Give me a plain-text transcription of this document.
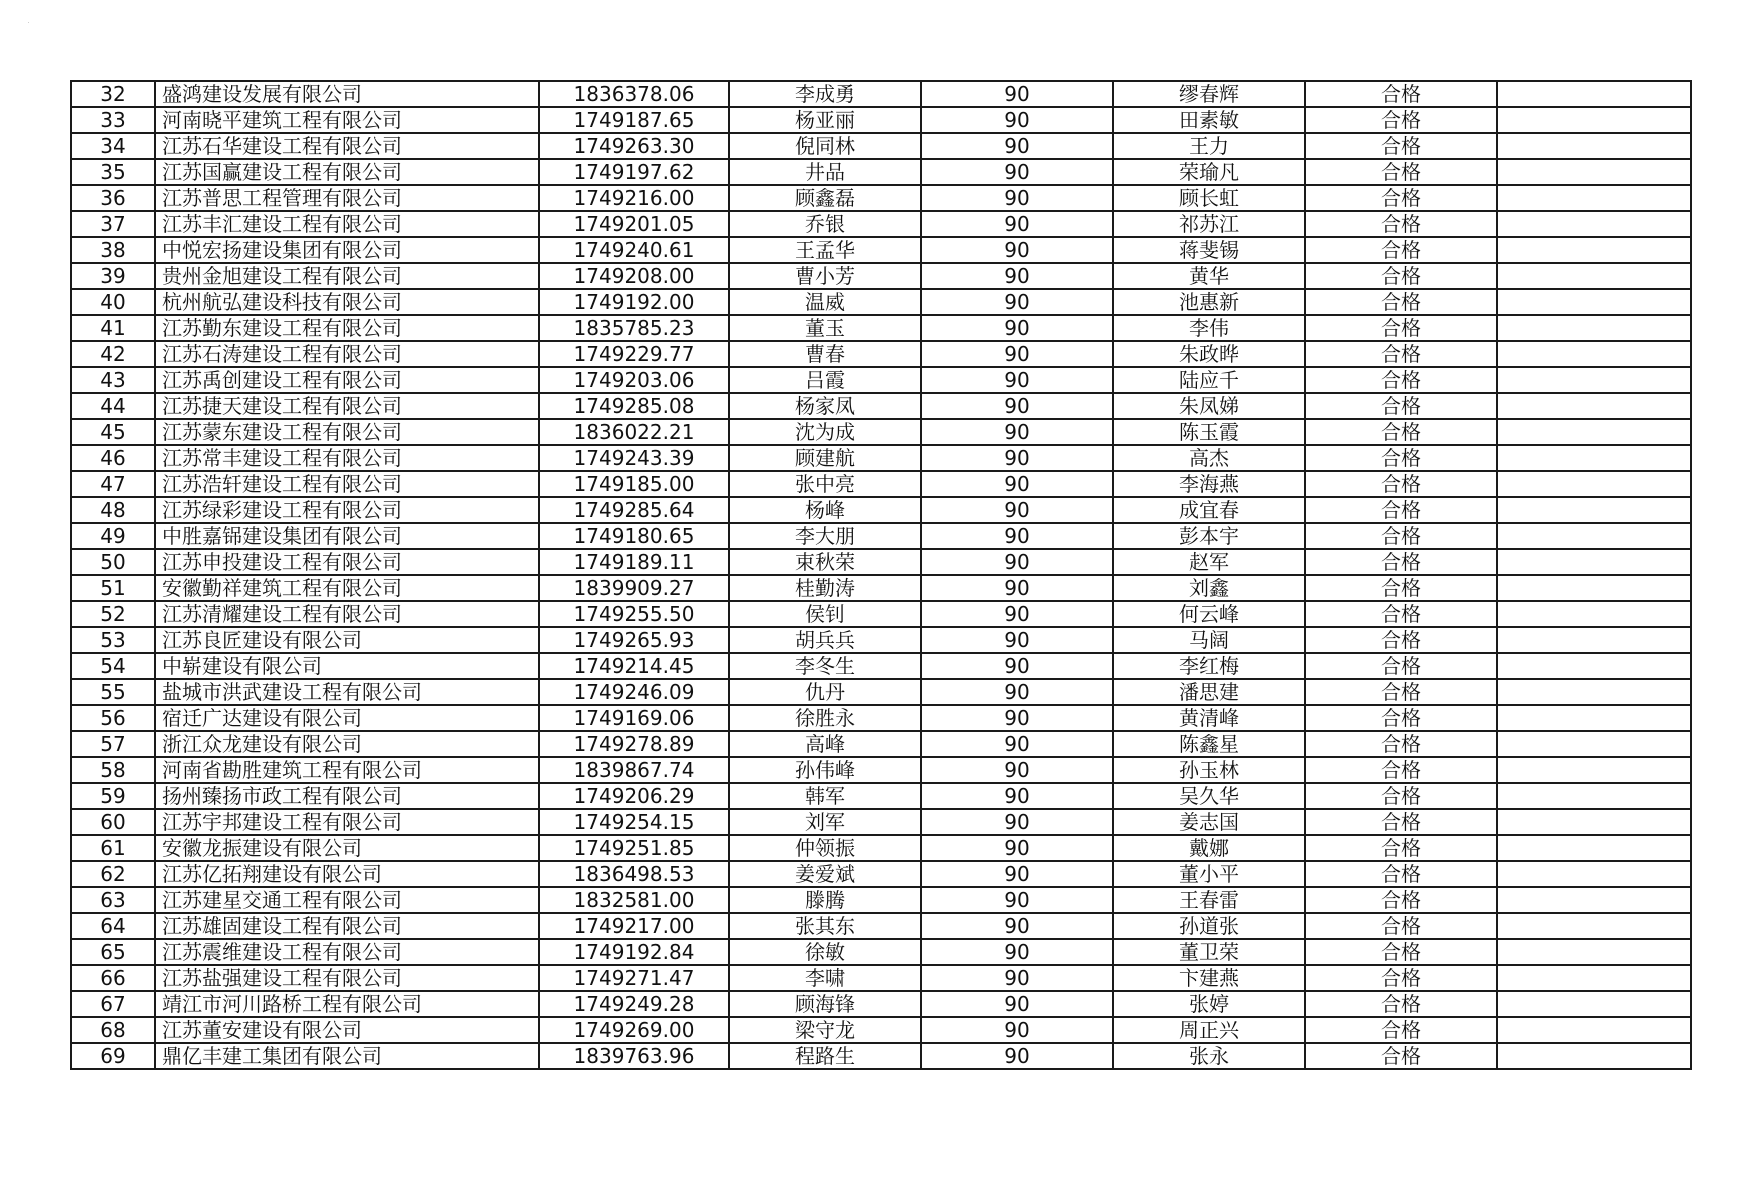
32	盛鸿建设发展有限公司	1836378.06	李成勇	90	缪春辉	合格	
33	河南晓平建筑工程有限公司	1749187.65	杨亚丽	90	田素敏	合格	
34	江苏石华建设工程有限公司	1749263.30	倪同林	90	王力	合格	
35	江苏国赢建设工程有限公司	1749197.62	井品	90	荣瑜凡	合格	
36	江苏普思工程管理有限公司	1749216.00	顾鑫磊	90	顾长虹	合格	
37	江苏丰汇建设工程有限公司	1749201.05	乔银	90	祁苏江	合格	
38	中悦宏扬建设集团有限公司	1749240.61	王孟华	90	蒋斐锡	合格	
39	贵州金旭建设工程有限公司	1749208.00	曹小芳	90	黄华	合格	
40	杭州航弘建设科技有限公司	1749192.00	温威	90	池惠新	合格	
41	江苏勤东建设工程有限公司	1835785.23	董玉	90	李伟	合格	
42	江苏石涛建设工程有限公司	1749229.77	曹春	90	朱政晔	合格	
43	江苏禹创建设工程有限公司	1749203.06	吕霞	90	陆应千	合格	
44	江苏捷天建设工程有限公司	1749285.08	杨家凤	90	朱凤娣	合格	
45	江苏蒙东建设工程有限公司	1836022.21	沈为成	90	陈玉霞	合格	
46	江苏常丰建设工程有限公司	1749243.39	顾建航	90	高杰	合格	
47	江苏浩轩建设工程有限公司	1749185.00	张中亮	90	李海燕	合格	
48	江苏绿彩建设工程有限公司	1749285.64	杨峰	90	成宜春	合格	
49	中胜嘉铞建设集团有限公司	1749180.65	李大朋	90	彭本宇	合格	
50	江苏申投建设工程有限公司	1749189.11	束秋荣	90	赵军	合格	
51	安徽勤祥建筑工程有限公司	1839909.27	桂勤涛	90	刘鑫	合格	
52	江苏清耀建设工程有限公司	1749255.50	侯钊	90	何云峰	合格	
53	江苏良匠建设有限公司	1749265.93	胡兵兵	90	马阔	合格	
54	中崭建设有限公司	1749214.45	李冬生	90	李红梅	合格	
55	盐城市洪武建设工程有限公司	1749246.09	仇丹	90	潘思建	合格	
56	宿迁广达建设有限公司	1749169.06	徐胜永	90	黄清峰	合格	
57	浙江众龙建设有限公司	1749278.89	高峰	90	陈鑫星	合格	
58	河南省勘胜建筑工程有限公司	1839867.74	孙伟峰	90	孙玉林	合格	
59	扬州臻扬市政工程有限公司	1749206.29	韩军	90	吴久华	合格	
60	江苏宇邦建设工程有限公司	1749254.15	刘军	90	姜志国	合格	
61	安徽龙振建设有限公司	1749251.85	仲领振	90	戴娜	合格	
62	江苏亿拓翔建设有限公司	1836498.53	姜爱斌	90	董小平	合格	
63	江苏建星交通工程有限公司	1832581.00	滕腾	90	王春雷	合格	
64	江苏雄固建设工程有限公司	1749217.00	张其东	90	孙道张	合格	
65	江苏震维建设工程有限公司	1749192.84	徐敏	90	董卫荣	合格	
66	江苏盐强建设工程有限公司	1749271.47	李啸	90	卞建燕	合格	
67	靖江市河川路桥工程有限公司	1749249.28	顾海锋	90	张婷	合格	
68	江苏董安建设有限公司	1749269.00	梁守龙	90	周正兴	合格	
69	鼎亿丰建工集团有限公司	1839763.96	程路生	90	张永	合格	
